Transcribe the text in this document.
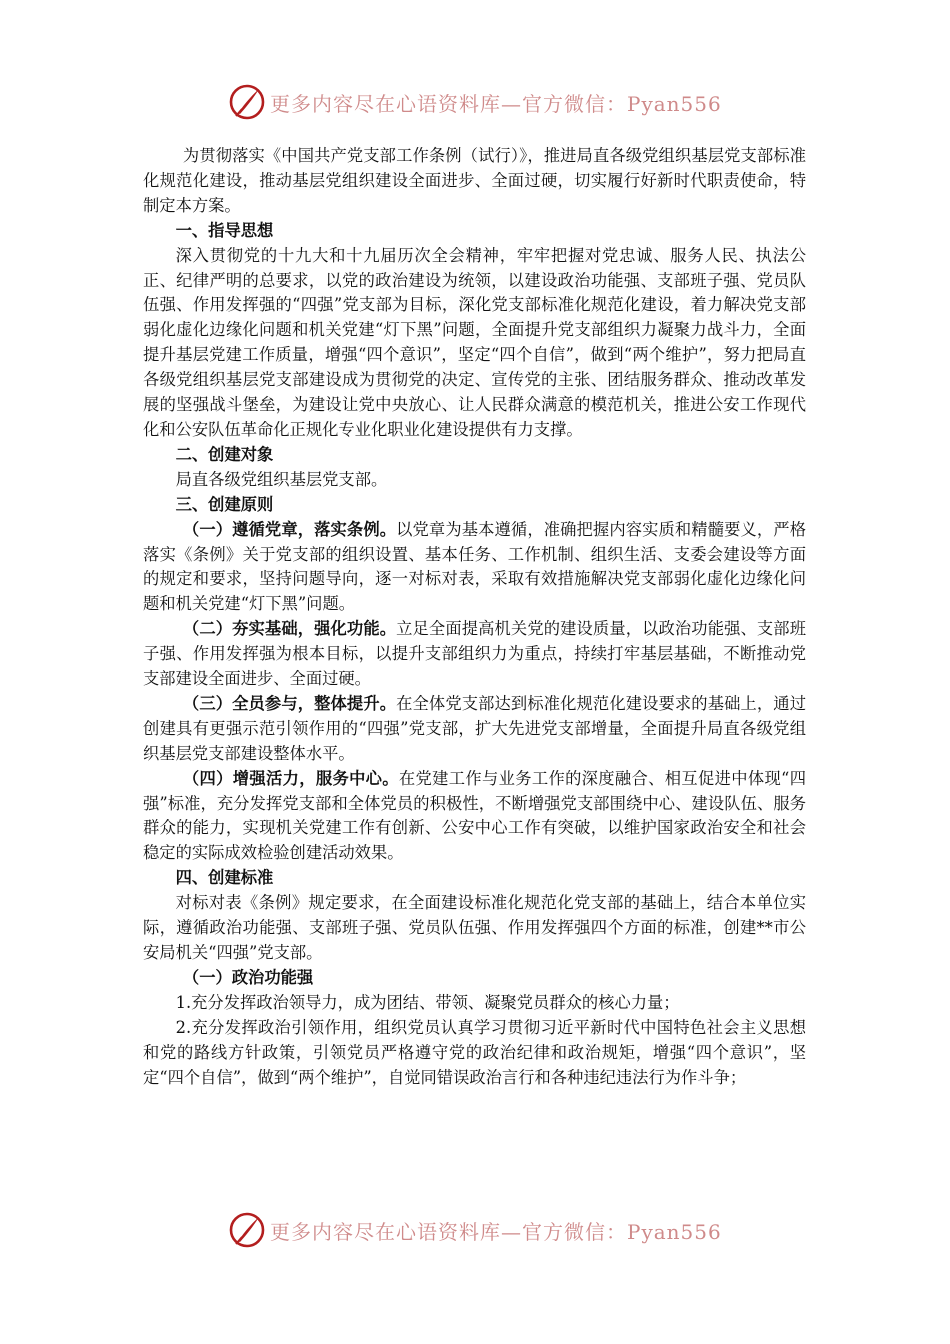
更多内容尽在心语资料库—官方微信：Pyan556

为贯彻落实《中国共产党支部工作条例（试行）》，推进局直各级党组织基层党支部标准化规范化建设，推动基层党组织建设全面进步、全面过硬，切实履行好新时代职责使命，特制定本方案。

一、指导思想

深入贯彻党的十九大和十九届历次全会精神，牢牢把握对党忠诚、服务人民、执法公正、纪律严明的总要求，以党的政治建设为统领，以建设政治功能强、支部班子强、党员队伍强、作用发挥强的“四强”党支部为目标，深化党支部标准化规范化建设，着力解决党支部弱化虚化边缘化问题和机关党建“灯下黑”问题，全面提升党支部组织力凝聚力战斗力，全面提升基层党建工作质量，增强“四个意识”，坚定“四个自信”，做到“两个维护”，努力把局直各级党组织基层党支部建设成为贯彻党的决定、宣传党的主张、团结服务群众、推动改革发展的坚强战斗堡垒，为建设让党中央放心、让人民群众满意的模范机关，推进公安工作现代化和公安队伍革命化正规化专业化职业化建设提供有力支撑。

二、创建对象

局直各级党组织基层党支部。

三、创建原则

（一）遵循党章，落实条例。以党章为基本遵循，准确把握内容实质和精髓要义，严格落实《条例》关于党支部的组织设置、基本任务、工作机制、组织生活、支委会建设等方面的规定和要求，坚持问题导向，逐一对标对表，采取有效措施解决党支部弱化虚化边缘化问题和机关党建“灯下黑”问题。

（二）夯实基础，强化功能。立足全面提高机关党的建设质量，以政治功能强、支部班子强、作用发挥强为根本目标，以提升支部组织力为重点，持续打牢基层基础，不断推动党支部建设全面进步、全面过硬。

（三）全员参与，整体提升。在全体党支部达到标准化规范化建设要求的基础上，通过创建具有更强示范引领作用的“四强”党支部，扩大先进党支部增量，全面提升局直各级党组织基层党支部建设整体水平。

（四）增强活力，服务中心。在党建工作与业务工作的深度融合、相互促进中体现“四强”标准，充分发挥党支部和全体党员的积极性，不断增强党支部围绕中心、建设队伍、服务群众的能力，实现机关党建工作有创新、公安中心工作有突破，以维护国家政治安全和社会稳定的实际成效检验创建活动效果。

四、创建标准

对标对表《条例》规定要求，在全面建设标准化规范化党支部的基础上，结合本单位实际，遵循政治功能强、支部班子强、党员队伍强、作用发挥强四个方面的标准，创建**市公安局机关“四强”党支部。

（一）政治功能强

1.充分发挥政治领导力，成为团结、带领、凝聚党员群众的核心力量；

2.充分发挥政治引领作用，组织党员认真学习贯彻习近平新时代中国特色社会主义思想和党的路线方针政策，引领党员严格遵守党的政治纪律和政治规矩，增强“四个意识”，坚定“四个自信”，做到“两个维护”，自觉同错误政治言行和各种违纪违法行为作斗争；

更多内容尽在心语资料库—官方微信：Pyan556
